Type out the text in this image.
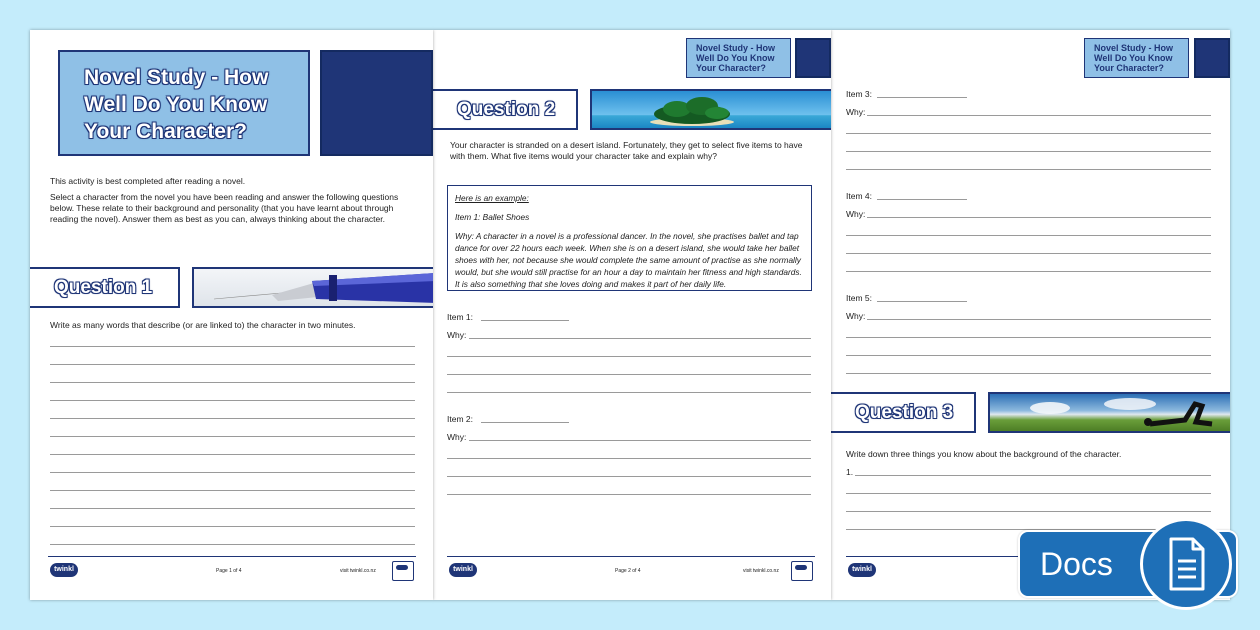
Novel Study - How Well Do You Know Your Character?
This activity is best completed after reading a novel.
Select a character from the novel you have been reading and answer the following questions below. These relate to their background and personality (that you have learnt about through reading the novel). Answer them as best as you can, always thinking about the character.
Question 1
Write as many words that describe (or are linked to) the character in two minutes.
twinkl	Page 1 of 4	visit twinkl.co.nz
Novel Study - How Well Do You Know Your Character?
Question 2
Your character is stranded on a desert island. Fortunately, they get to select five items to have with them. What five items would your character take and explain why?
Here is an example:
Item 1: Ballet Shoes
Why: A character in a novel is a professional dancer. In the novel, she practises ballet and tap dance for over 22 hours each week. When she is on a desert island, she would take her ballet shoes with her, not because she would complete the same amount of practise as she normally would, but she would still practise for an hour a day to maintain her fitness and high standards. It is also something that she loves doing and makes it part of her daily life.
Item 1:
Why:
Item 2:
Why:
twinkl	Page 2 of 4	visit twinkl.co.nz
Novel Study - How Well Do You Know Your Character?
Item 3:
Why:
Item 4:
Why:
Item 5:
Why:
Question 3
Write down three things you know about the background of the character.
1.
twinkl	Docs
